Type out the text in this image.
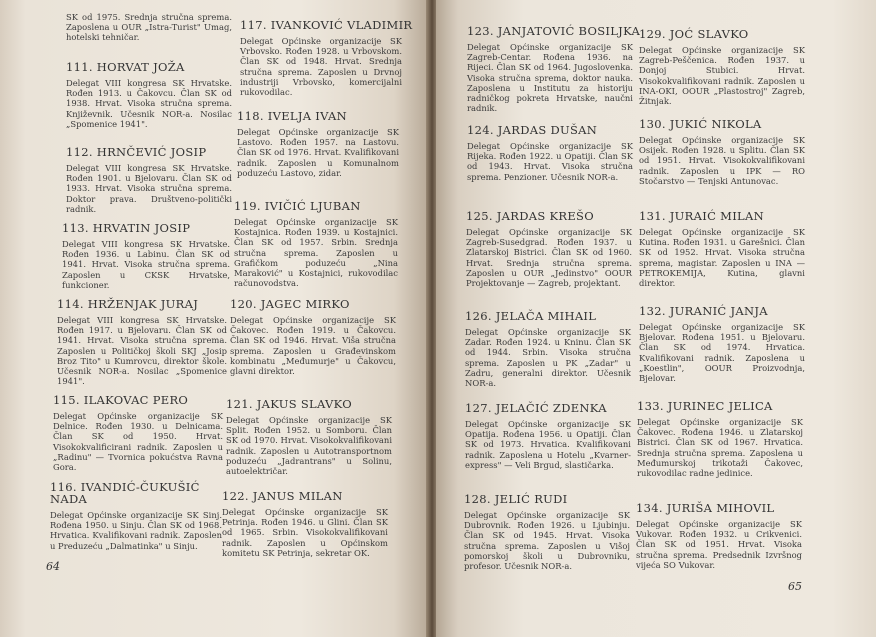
SK od 1975. Srednja stručna sprema. Zaposlena u OUR „Istra-Turist" Umag, hotelski tehničar.
111. HORVAT JOŽA
Delegat VIII kongresa SK Hrvatske. Rođen 1913. u Čakovcu. Član SK od 1938. Hrvat. Visoka stručna sprema. Književnik. Učesnik NOR-a. Nosilac „Spomenice 1941".
112. HRNČEVIĆ JOSIP
Delegat VIII kongresa SK Hrvatske. Rođen 1901. u Bjelovaru. Član SK od 1933. Hrvat. Visoka stručna sprema. Doktor prava. Društveno-politički radnik.
113. HRVATIN JOSIP
Delegat VIII kongresa SK Hrvatske. Rođen 1936. u Labinu. Član SK od 1941. Hrvat. Visoka stručna sprema. Zaposlen u CKSK Hrvatske, funkcioner.
114. HRŽENJAK JURAJ
Delegat VIII kongresa SK Hrvatske. Rođen 1917. u Bjelovaru. Član SK od 1941. Hrvat. Visoka stručna sprema. Zaposlen u Političkoj školi SKJ „Josip Broz Tito" u Kumrovcu, direktor škole. Učesnik NOR-a. Nosilac „Spomenice 1941".
115. ILAKOVAC PERO
Delegat Općinske organizacije SK Delnice. Rođen 1930. u Delnicama. Član SK od 1950. Hrvat. Visokokvalificirani radnik. Zaposlen u „Radinu" — Tvornica pokućstva Ravna Gora.
116. IVANDIĆ-ČUKUŠIĆ NADA
Delegat Općinske organizacije SK Sinj. Rođena 1950. u Sinju. Član SK od 1968. Hrvatica. Kvalifikovani radnik. Zaposlen u Preduzeću „Dalmatinka" u Sinju.
117. IVANKOVIĆ VLADIMIR
Delegat Općinske organizacije SK Vrbovsko. Rođen 1928. u Vrbovskom. Član SK od 1948. Hrvat. Srednja stručna sprema. Zaposlen u Drvnoj industriji Vrbovsko, komercijalni rukovodilac.
118. IVELJA IVAN
Delegat Općinske organizacije SK Lastovo. Rođen 1957. na Lastovu. Član SK od 1976. Hrvat. Kvalifikovani radnik. Zaposlen u Komunalnom poduzeću Lastovo, zidar.
119. IVIČIĆ LJUBAN
Delegat Općinske organizacije SK Kostajnica. Rođen 1939. u Kostajnici. Član SK od 1957. Srbin. Srednja stručna sprema. Zaposlen u Grafičkom poduzeću „Nina Maraković" u Kostajnici, rukovodilac računovodstva.
120. JAGEC MIRKO
Delegat Općinske organizacije SK Čakovec. Rođen 1919. u Čakovcu. Član SK od 1946. Hrvat. Viša stručna sprema. Zaposlen u Građevinskom kombinatu „Međumurje" u Čakovcu, glavni direktor.
121. JAKUS SLAVKO
Delegat Općinske organizacije SK Split. Rođen 1952. u Somboru. Član SK od 1970. Hrvat. Visokokvalifikovani radnik. Zaposlen u Autotransportnom poduzeću „Jadrantrans" u Solinu, autoelektričar.
122. JANUS MILAN
Delegat Općinske organizacije SK Petrinja. Rođen 1946. u Glini. Član SK od 1965. Srbin. Visokokvalifikovani radnik. Zaposlen u Općinskom komitetu SK Petrinja, sekretar OK.
64
123. JANJATOVIĆ BOSILJKA
Delegat Općinske organizacije SK Zagreb-Centar. Rođena 1936. na Rijeci. Član SK od 1964. Jugoslovenka. Visoka stručna sprema, doktor nauka. Zaposlena u Institutu za historiju radničkog pokreta Hrvatske, naučni radnik.
124. JARDAS DUŠAN
Delegat Općinske organizacije SK Rijeka. Rođen 1922. u Opatiji. Član SK od 1943. Hrvat. Visoka stručna sprema. Penzioner. Učesnik NOR-a.
125. JARDAS KREŠO
Delegat Općinske organizacije SK Zagreb-Susedgrad. Rođen 1937. u Zlatarskoj Bistrici. Član SK od 1960. Hrvat. Srednja stručna sprema. Zaposlen u OUR „Jedinstvo" OOUR Projektovanje — Zagreb, projektant.
126. JELAČA MIHAIL
Delegat Općinske organizacije SK Zadar. Rođen 1924. u Kninu. Član SK od 1944. Srbin. Visoka stručna sprema. Zaposlen u PK „Zadar" u Zadru, generalni direktor. Učesnik NOR-a.
127. JELAČIĆ ZDENKA
Delegat Općinske organizacije SK Opatija. Rođena 1956. u Opatiji. Član SK od 1973. Hrvatica. Kvalifikovani radnik. Zaposlena u Hotelu „Kvarner-express" — Veli Brgud, slastičarka.
128. JELIĆ RUDI
Delegat Općinske organizacije SK Dubrovnik. Rođen 1926. u Ljubinju. Član SK od 1945. Hrvat. Visoka stručna sprema. Zaposlen u Višoj pomorskoj školi u Dubrovniku, profesor. Učesnik NOR-a.
129. JOĆ SLAVKO
Delegat Općinske organizacije SK Zagreb-Peščenica. Rođen 1937. u Donjoj Stubici. Hrvat. Visokokvalifikovani radnik. Zaposlen u INA-OKI, OOUR „Plastostroj" Zagreb, Žitnjak.
130. JUKIĆ NIKOLA
Delegat Općinske organizacije SK Osijek. Rođen 1928. u Splitu. Član SK od 1951. Hrvat. Visokokvalifikovani radnik. Zaposlen u IPK — RO Stočarstvo — Tenjski Antunovac.
131. JURAIĆ MILAN
Delegat Općinske organizacije SK Kutina. Rođen 1931. u Garešnici. Član SK od 1952. Hrvat. Visoka stručna sprema, magistar. Zaposlen u INA — PETROKEMIJA, Kutina, glavni direktor.
132. JURANIĆ JANJA
Delegat Općinske organizacije SK Bjelovar. Rođena 1951. u Bjelovaru. Član SK od 1974. Hrvatica. Kvalifikovani radnik. Zaposlena u „Koestlin", OOUR Proizvodnja, Bjelovar.
133. JURINEC JELICA
Delegat Općinske organizacije SK Čakovec. Rođena 1946. u Zlatarskoj Bistrici. Član SK od 1967. Hrvatica. Srednja stručna sprema. Zaposlena u Međumurskoj trikotaži Čakovec, rukovodilac radne jedinice.
134. JURIŠA MIHOVIL
Delegat Općinske organizacije SK Vukovar. Rođen 1932. u Crikvenici. Član SK od 1951. Hrvat. Visoka stručna sprema. Predsednik Izvršnog vijeća SO Vukovar.
65
